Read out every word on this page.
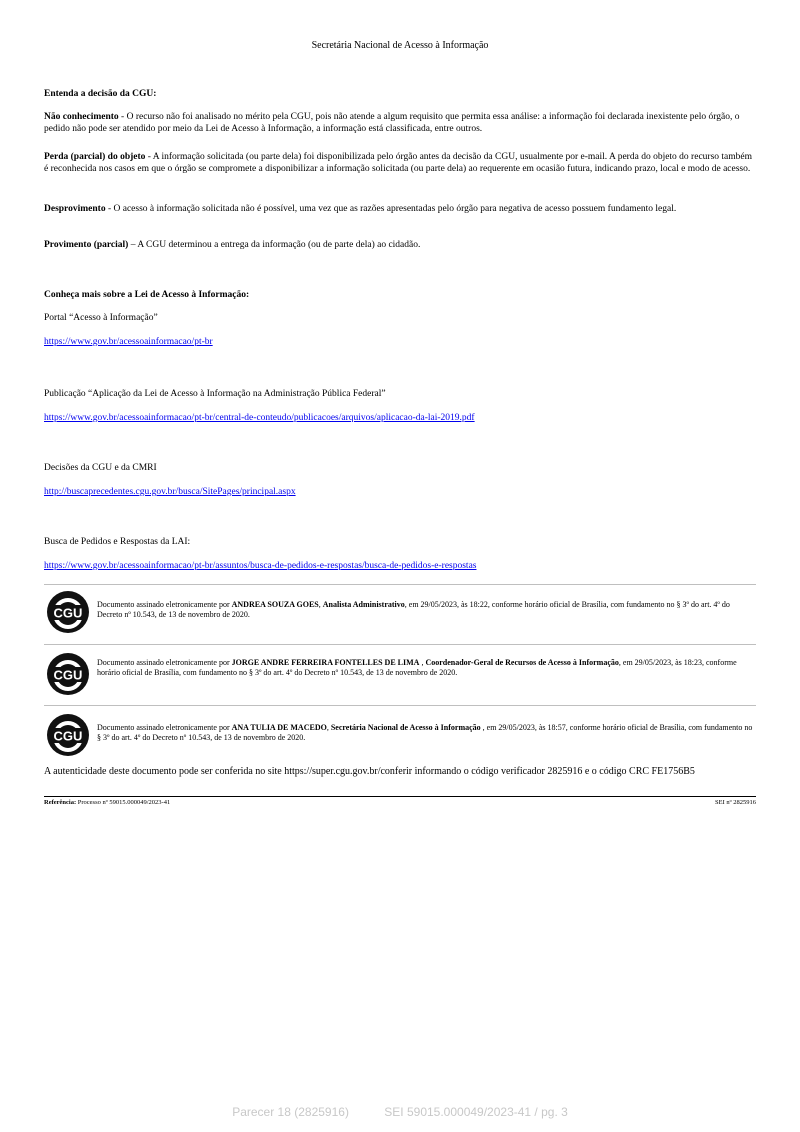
Secretária Nacional de Acesso à Informação
Entenda a decisão da CGU:
Não conhecimento - O recurso não foi analisado no mérito pela CGU, pois não atende a algum requisito que permita essa análise: a informação foi declarada inexistente pelo órgão, o pedido não pode ser atendido por meio da Lei de Acesso à Informação, a informação está classificada, entre outros.
Perda (parcial) do objeto - A informação solicitada (ou parte dela) foi disponibilizada pelo órgão antes da decisão da CGU, usualmente por e-mail. A perda do objeto do recurso também é reconhecida nos casos em que o órgão se compromete a disponibilizar a informação solicitada (ou parte dela) ao requerente em ocasião futura, indicando prazo, local e modo de acesso.
Desprovimento - O acesso à informação solicitada não é possível, uma vez que as razões apresentadas pelo órgão para negativa de acesso possuem fundamento legal.
Provimento (parcial) – A CGU determinou a entrega da informação (ou de parte dela) ao cidadão.
Conheça mais sobre a Lei de Acesso à Informação:
Portal “Acesso à Informação”
https://www.gov.br/acessoainformacao/pt-br
Publicação “Aplicação da Lei de Acesso à Informação na Administração Pública Federal”
https://www.gov.br/acessoainformacao/pt-br/central-de-conteudo/publicacoes/arquivos/aplicacao-da-lai-2019.pdf
Decisões da CGU e da CMRI
http://buscaprecedentes.cgu.gov.br/busca/SitePages/principal.aspx
Busca de Pedidos e Respostas da LAI:
https://www.gov.br/acessoainformacao/pt-br/assuntos/busca-de-pedidos-e-respostas/busca-de-pedidos-e-respostas
CGU
Documento assinado eletronicamente por ANDREA SOUZA GOES, Analista Administrativo, em 29/05/2023, às 18:22, conforme horário oficial de Brasília, com fundamento no § 3º do art. 4º do Decreto nº 10.543, de 13 de novembro de 2020.
CGU
Documento assinado eletronicamente por JORGE ANDRE FERREIRA FONTELLES DE LIMA , Coordenador-Geral de Recursos de Acesso à Informação, em 29/05/2023, às 18:23, conforme horário oficial de Brasília, com fundamento no § 3º do art. 4º do Decreto nº 10.543, de 13 de novembro de 2020.
CGU
Documento assinado eletronicamente por ANA TULIA DE MACEDO, Secretária Nacional de Acesso à Informação , em 29/05/2023, às 18:57, conforme horário oficial de Brasília, com fundamento no § 3º do art. 4º do Decreto nº 10.543, de 13 de novembro de 2020.
A autenticidade deste documento pode ser conferida no site https://super.cgu.gov.br/conferir informando o código verificador 2825916 e o código CRC FE1756B5
Referência: Processo nº 59015.000049/2023-41	SEI nº 2825916
Parecer 18 (2825916)	SEI 59015.000049/2023-41 / pg. 3
